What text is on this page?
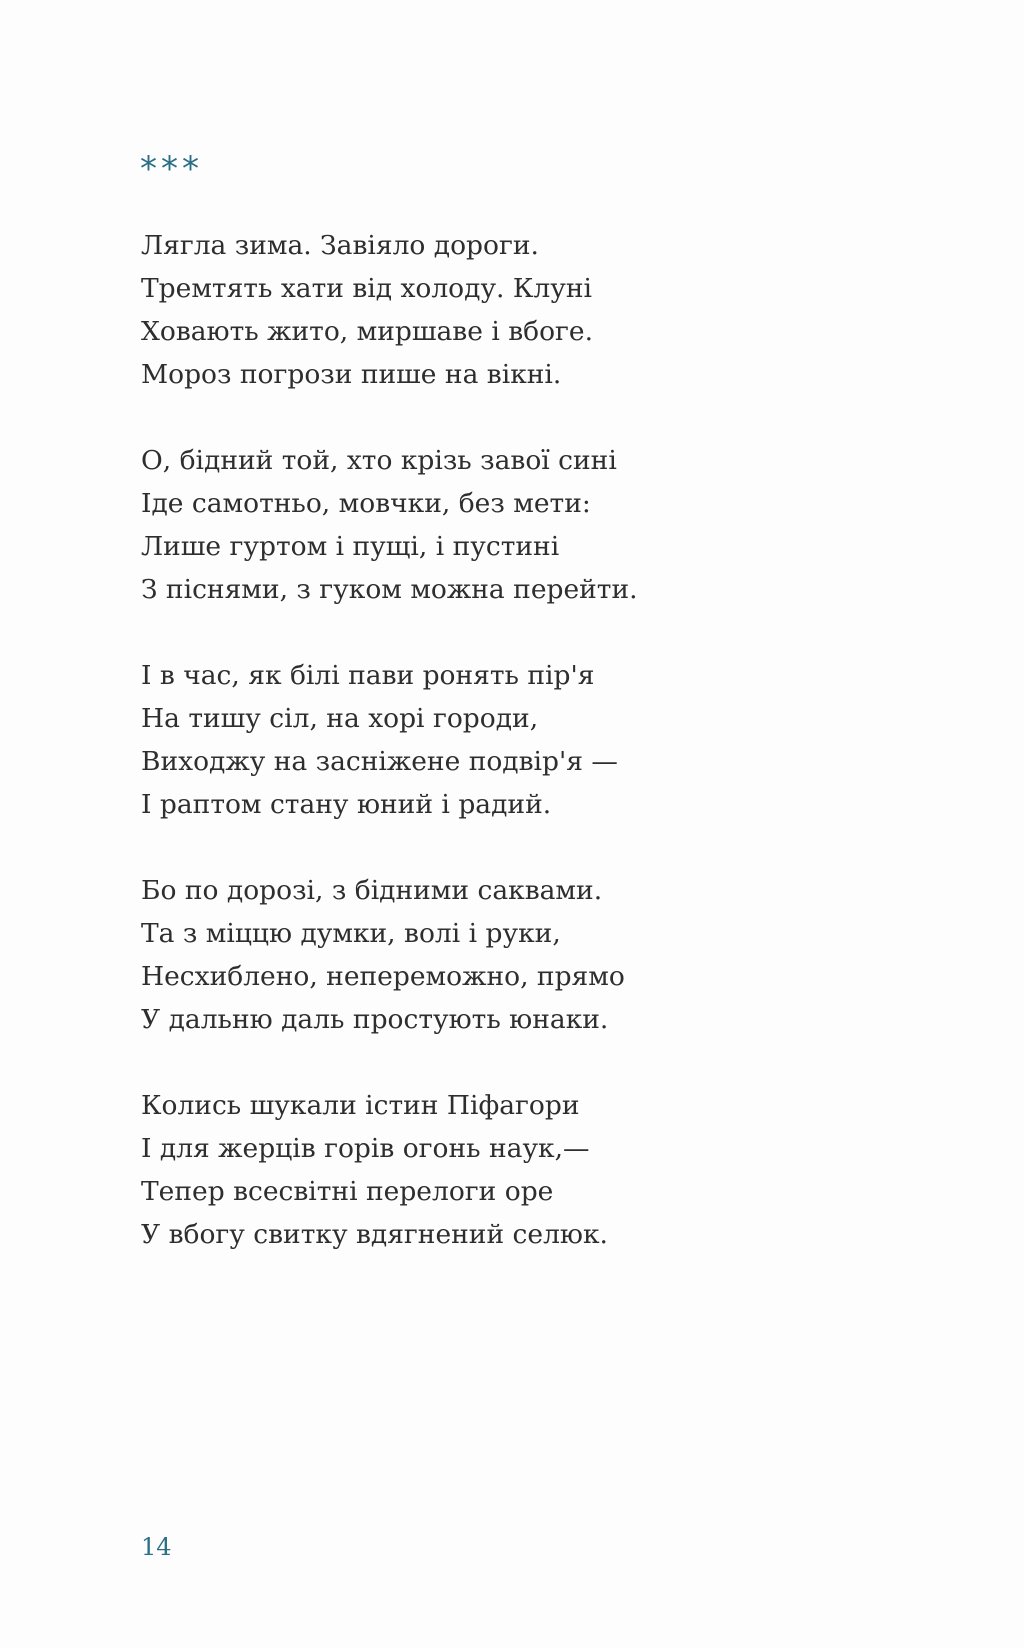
***
Лягла зима. Завіяло дороги.
Тремтять хати від холоду. Клуні
Ховають жито, миршаве і вбоге.
Мороз погрози пише на вікні.
О, бідний той, хто крізь завої сині
Іде самотньо, мовчки, без мети:
Лише гуртом і пущі, і пустині
З піснями, з гуком можна перейти.
І в час, як білі пави ронять пір'я
На тишу сіл, на хорі городи,
Виходжу на засніжене подвір'я —
І раптом стану юний і радий.
Бо по дорозі, з бідними саквами.
Та з міццю думки, волі і руки,
Несхиблено, непереможно, прямо
У дальню даль простують юнаки.
Колись шукали істин Піфагори
І для жерців горів огонь наук,—
Тепер всесвітні перелоги оре
У вбогу свитку вдягнений селюк.
14
